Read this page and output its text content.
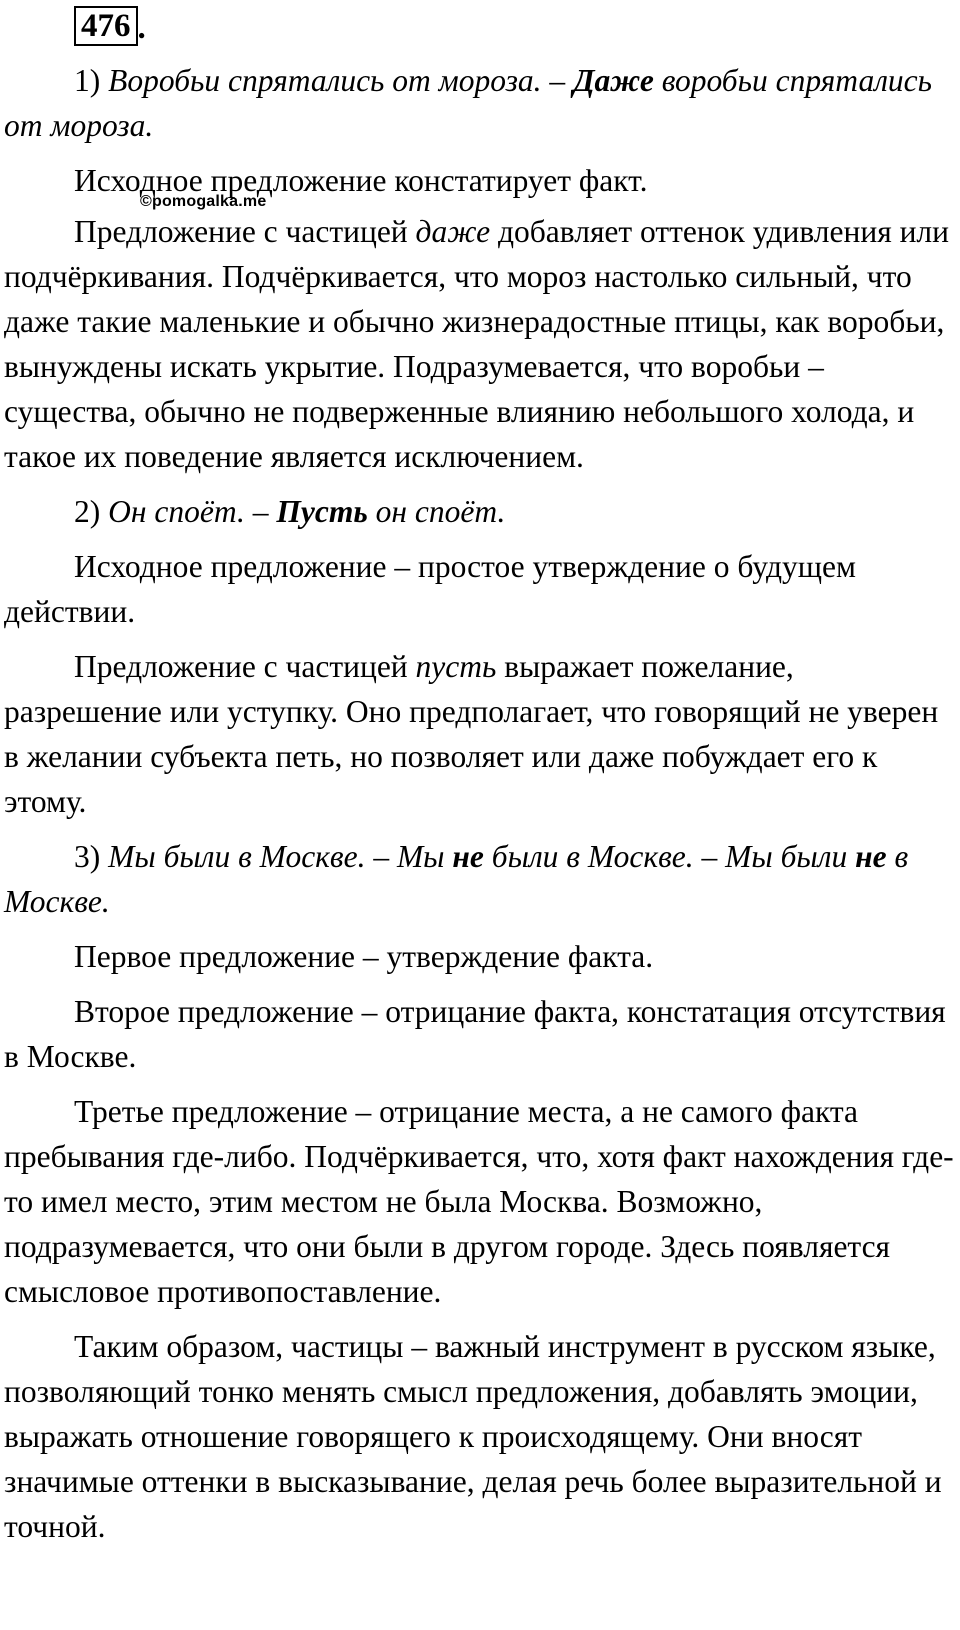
476 .
©pomogalka.me

1) Воробьи спрятались от мороза. – Даже воробьи спрятались от мороза.

Исходное предложение констатирует факт.

Предложение с частицей даже добавляет оттенок удивления или подчёркивания. Подчёркивается, что мороз настолько сильный, что даже такие маленькие и обычно жизнерадостные птицы, как воробьи, вынуждены искать укрытие. Подразумевается, что воробьи – существа, обычно не подверженные влиянию небольшого холода, и такое их поведение является исключением.

2) Он споёт. – Пусть он споёт.

Исходное предложение – простое утверждение о будущем действии.

Предложение с частицей пусть выражает пожелание, разрешение или уступку. Оно предполагает, что говорящий не уверен в желании субъекта петь, но позволяет или даже побуждает его к этому.

3) Мы были в Москве. – Мы не были в Москве. – Мы были не в Москве.

Первое предложение – утверждение факта.

Второе предложение – отрицание факта, констатация отсутствия в Москве.

Третье предложение – отрицание места, а не самого факта пребывания где-либо. Подчёркивается, что, хотя факт нахождения где-то имел место, этим местом не была Москва. Возможно, подразумевается, что они были в другом городе. Здесь появляется смысловое противопоставление.

Таким образом, частицы – важный инструмент в русском языке, позволяющий тонко менять смысл предложения, добавлять эмоции, выражать отношение говорящего к происходящему. Они вносят значимые оттенки в высказывание, делая речь более выразительной и точной.
